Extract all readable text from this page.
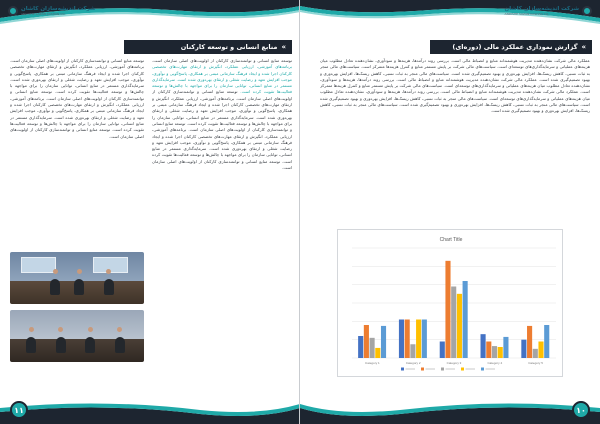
شرکت اندیشه‌سازان کاشان
ANDISHE SAZAN KASHAN CO.
»
منابع انسانی و توسعه کارکنان
توسعه منابع انسانی و توانمندسازی کارکنان از اولویت‌های اصلی سازمان است. برنامه‌های آموزشی، ارزیابی عملکرد، انگیزش و ارتقای مهارت‌های تخصصی کارکنان اجرا شده و ایجاد فرهنگ سازمانی مبتنی بر همکاری، پاسخ‌گویی و نوآوری، موجب افزایش تعهد و رضایت شغلی و ارتقای بهره‌وری شده است. سرمایه‌گذاری مستمر در منابع انسانی، توانایی سازمان را برای مواجهه با چالش‌ها و توسعه فعالیت‌ها تقویت کرده است. توسعه منابع انسانی و توانمندسازی کارکنان از اولویت‌های اصلی سازمان است. برنامه‌های آموزشی، ارزیابی عملکرد، انگیزش و ارتقای مهارت‌های تخصصی کارکنان اجرا شده و ایجاد فرهنگ سازمانی مبتنی بر همکاری، پاسخ‌گویی و نوآوری، موجب افزایش تعهد و رضایت شغلی و ارتقای بهره‌وری شده است. سرمایه‌گذاری مستمر در منابع انسانی، توانایی سازمان را برای مواجهه با چالش‌ها و توسعه فعالیت‌ها تقویت کرده است. توسعه منابع انسانی و توانمندسازی کارکنان از اولویت‌های اصلی سازمان است. برنامه‌های آموزشی، ارزیابی عملکرد، انگیزش و ارتقای مهارت‌های تخصصی کارکنان اجرا شده و ایجاد فرهنگ سازمانی مبتنی بر همکاری، پاسخ‌گویی و نوآوری، موجب افزایش تعهد و رضایت شغلی و ارتقای بهره‌وری شده است. سرمایه‌گذاری مستمر در منابع انسانی، توانایی سازمان را برای مواجهه با چالش‌ها و توسعه فعالیت‌ها تقویت کرده است. توسعه منابع انسانی و توانمندسازی کارکنان از اولویت‌های اصلی سازمان است.
توسعه منابع انسانی و توانمندسازی کارکنان از اولویت‌های اصلی سازمان است. برنامه‌های آموزشی، ارزیابی عملکرد، انگیزش و ارتقای مهارت‌های تخصصی کارکنان اجرا شده و ایجاد فرهنگ سازمانی مبتنی بر همکاری، پاسخ‌گویی و نوآوری، موجب افزایش تعهد و رضایت شغلی و ارتقای بهره‌وری شده است. سرمایه‌گذاری مستمر در منابع انسانی، توانایی سازمان را برای مواجهه با چالش‌ها و توسعه فعالیت‌ها تقویت کرده است. توسعه منابع انسانی و توانمندسازی کارکنان از اولویت‌های اصلی سازمان است. برنامه‌های آموزشی، ارزیابی عملکرد، انگیزش و ارتقای مهارت‌های تخصصی کارکنان اجرا شده و ایجاد فرهنگ سازمانی مبتنی بر همکاری، پاسخ‌گویی و نوآوری، موجب افزایش تعهد و رضایت شغلی و ارتقای بهره‌وری شده است. سرمایه‌گذاری مستمر در منابع انسانی، توانایی سازمان را برای مواجهه با چالش‌ها و توسعه فعالیت‌ها تقویت کرده است. توسعه منابع انسانی و توانمندسازی کارکنان از اولویت‌های اصلی سازمان است.
۱۱
شرکت اندیشه‌سازان کاشان
ANDISHE SAZAN KASHAN CO.
»
گزارش نموداری عملکرد مالی (دوره‌ای)
عملکرد مالی شرکت نشان‌دهنده مدیریت هوشمندانه منابع و انضباط مالی است. بررسی روند درآمدها، هزینه‌ها و سودآوری، نشان‌دهنده تعادل مطلوب میان هزینه‌های عملیاتی و سرمایه‌گذاری‌های توسعه‌ای است. سیاست‌های مالی شرکت بر پایش مستمر منابع و کنترل هزینه‌ها متمرکز است. سیاست‌های مالی منجر به ثبات نسبی، کاهش ریسک‌ها، افزایش بهره‌وری و بهبود تصمیم‌گیری شده است. سیاست‌های مالی منجر به ثبات نسبی، کاهش ریسک‌ها، افزایش بهره‌وری و بهبود تصمیم‌گیری شده است. عملکرد مالی شرکت نشان‌دهنده مدیریت هوشمندانه منابع و انضباط مالی است. بررسی روند درآمدها، هزینه‌ها و سودآوری، نشان‌دهنده تعادل مطلوب میان هزینه‌های عملیاتی و سرمایه‌گذاری‌های توسعه‌ای است. سیاست‌های مالی شرکت بر پایش مستمر منابع و کنترل هزینه‌ها متمرکز است. عملکرد مالی شرکت نشان‌دهنده مدیریت هوشمندانه منابع و انضباط مالی است. بررسی روند درآمدها، هزینه‌ها و سودآوری، نشان‌دهنده تعادل مطلوب میان هزینه‌های عملیاتی و سرمایه‌گذاری‌های توسعه‌ای است. سیاست‌های مالی منجر به ثبات نسبی، کاهش ریسک‌ها، افزایش بهره‌وری و بهبود تصمیم‌گیری شده است. سیاست‌های مالی منجر به ثبات نسبی، کاهش ریسک‌ها، افزایش بهره‌وری و بهبود تصمیم‌گیری شده است. سیاست‌های مالی منجر به ثبات نسبی، کاهش ریسک‌ها، افزایش بهره‌وری و بهبود تصمیم‌گیری شده است.
Chart Title
Category 1	Category 2	Category 3	Category 4	Category 5
۱۰
